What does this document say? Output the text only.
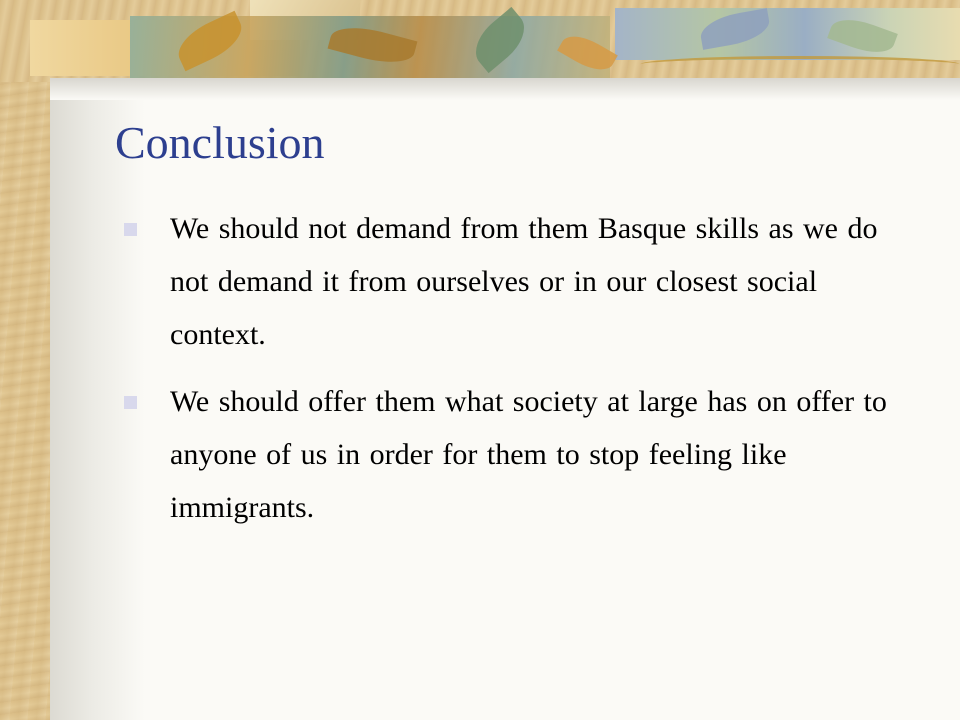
Conclusion
We should not demand from them Basque skills as we do not demand it from ourselves or in our closest social context.
We should offer them what society at large has on offer to anyone of us in order for them to stop feeling like immigrants.
